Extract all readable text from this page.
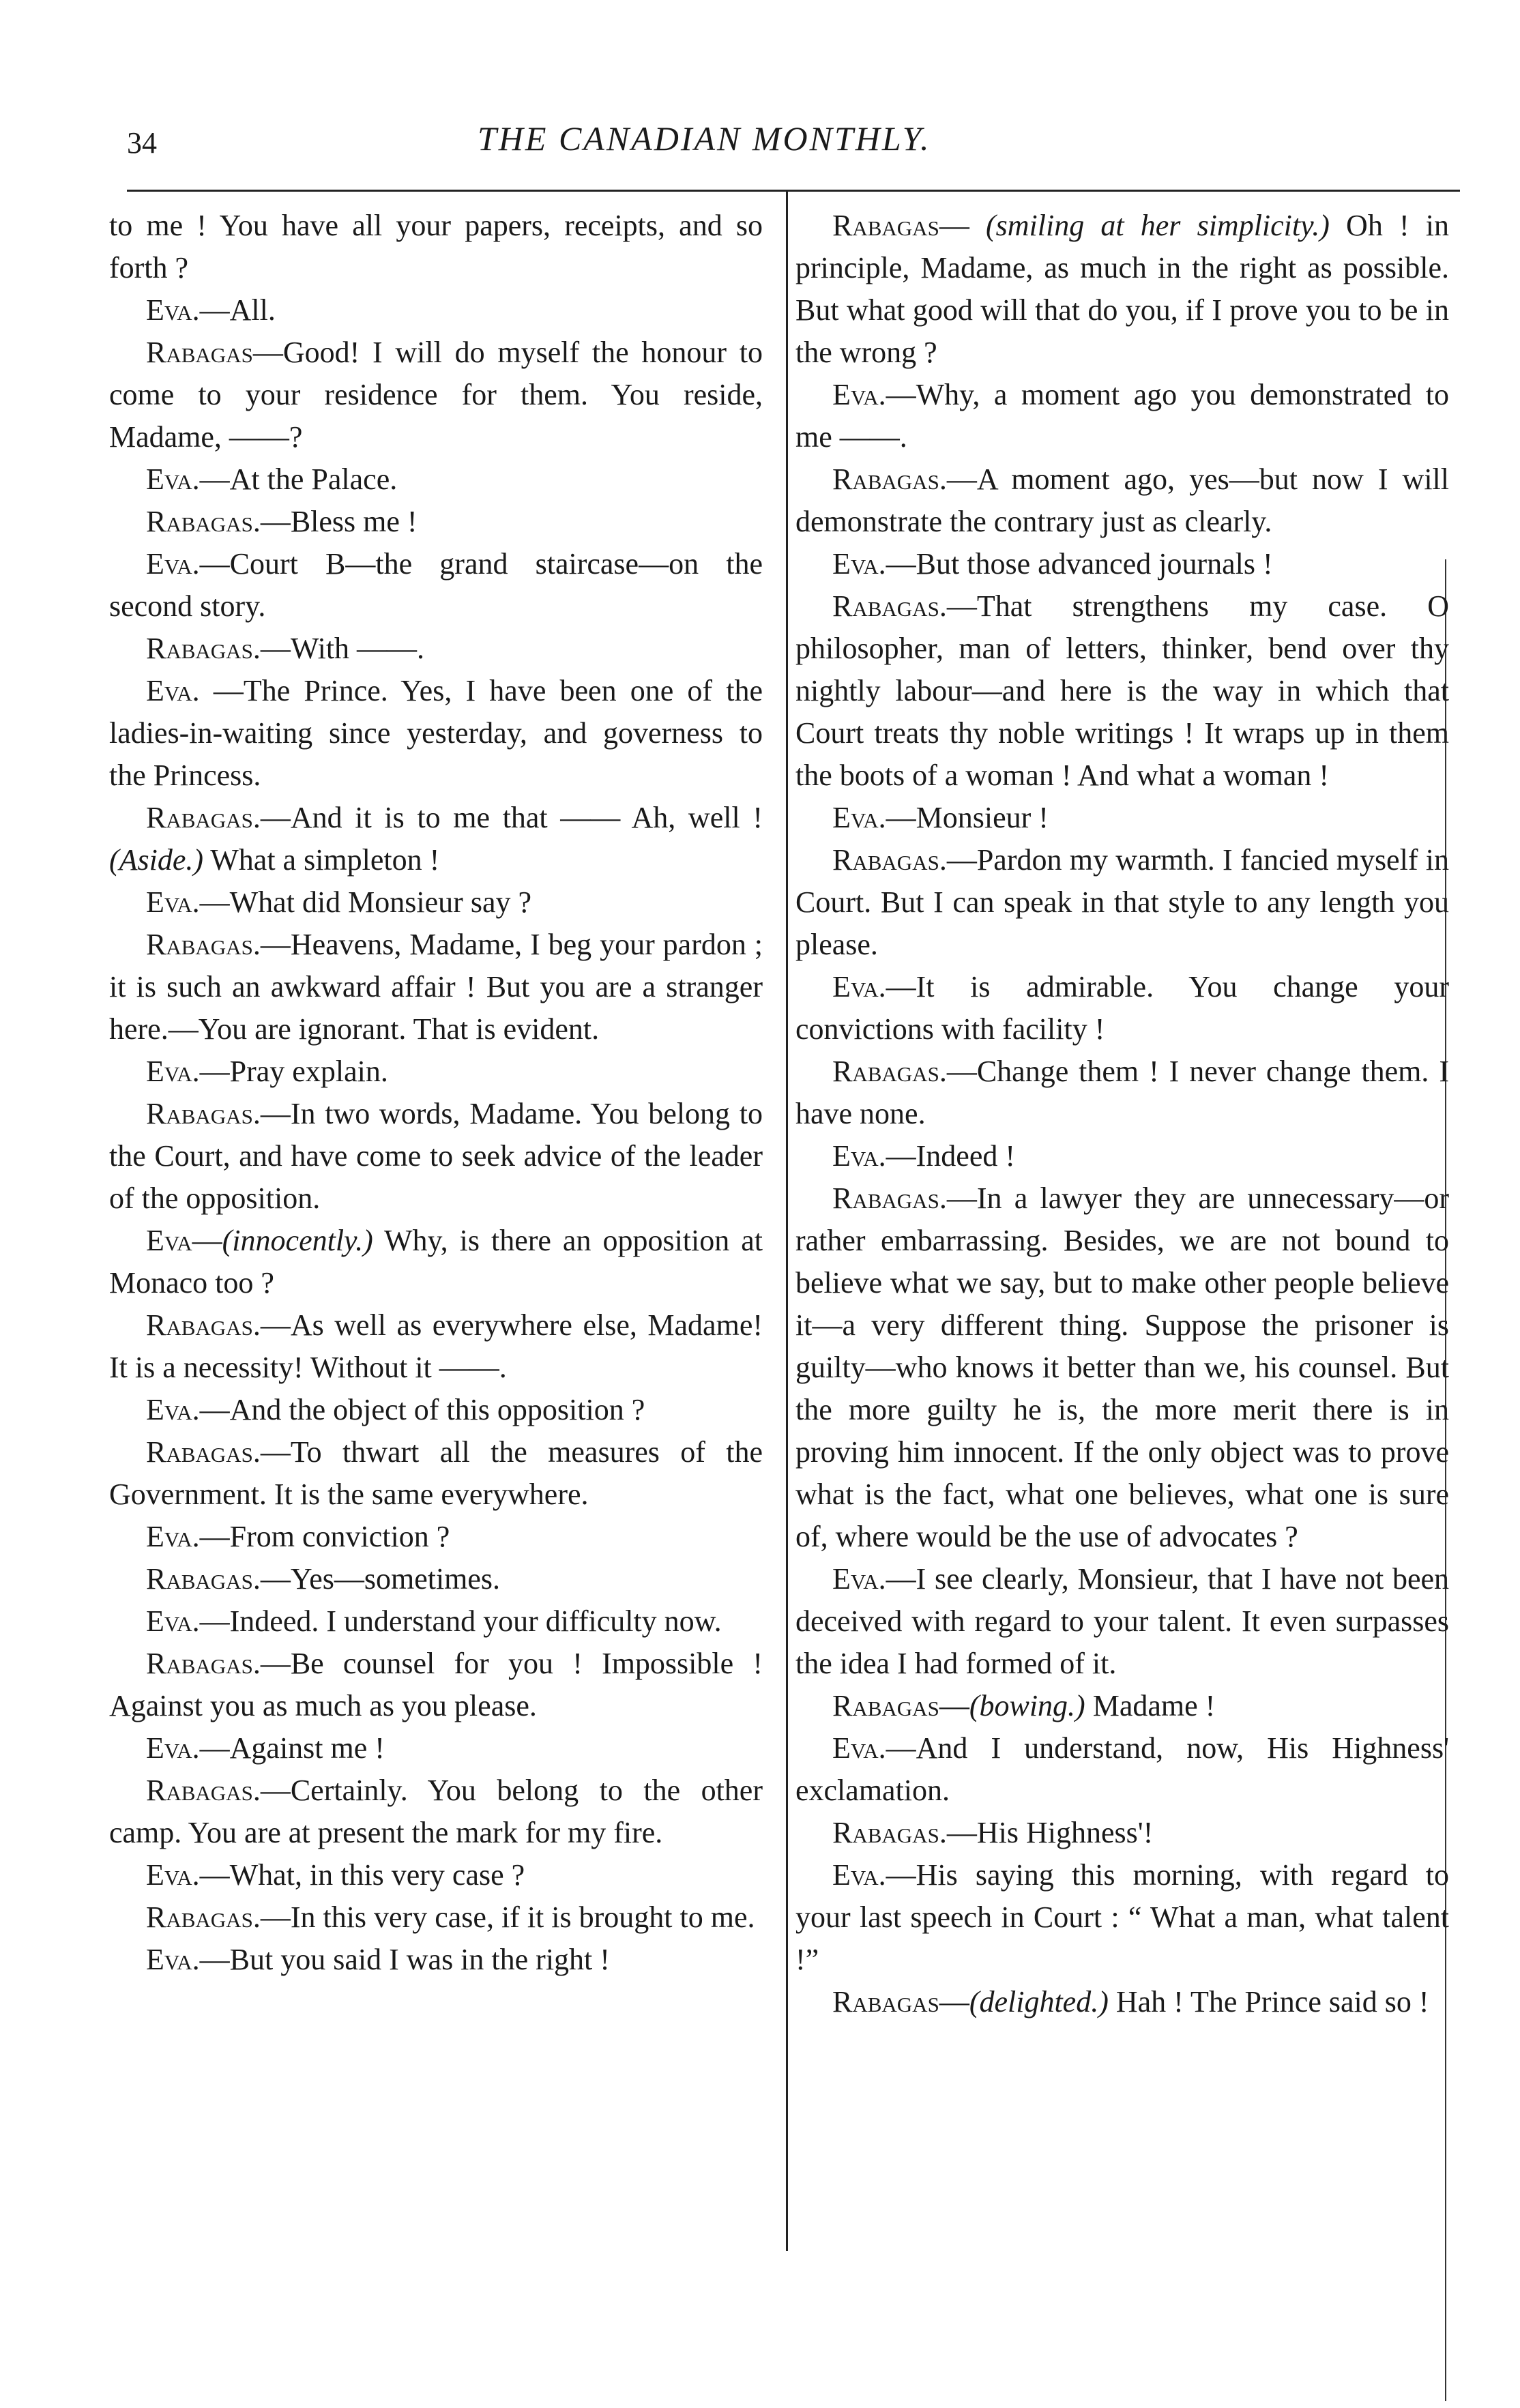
34	THE CANADIAN MONTHLY.

to me ! You have all your papers, receipts, and so forth ?

Eva.—All.

Rabagas—Good! I will do myself the honour to come to your residence for them. You reside, Madame, ——?

Eva.—At the Palace.

Rabagas.—Bless me !

Eva.—Court B—the grand staircase—on the second story.

Rabagas.—With ——.

Eva. —The Prince. Yes, I have been one of the ladies-in-waiting since yesterday, and governess to the Princess.

Rabagas.—And it is to me that —— Ah, well ! (Aside.) What a simpleton !

Eva.—What did Monsieur say ?

Rabagas.—Heavens, Madame, I beg your pardon ; it is such an awkward affair ! But you are a stranger here.—You are ignorant. That is evident.

Eva.—Pray explain.

Rabagas.—In two words, Madame. You belong to the Court, and have come to seek advice of the leader of the opposition.

Eva—(innocently.) Why, is there an opposition at Monaco too ?

Rabagas.—As well as everywhere else, Madame! It is a necessity! Without it ——.

Eva.—And the object of this opposition ?

Rabagas.—To thwart all the measures of the Government. It is the same everywhere.

Eva.—From conviction ?

Rabagas.—Yes—sometimes.

Eva.—Indeed. I understand your difficulty now.

Rabagas.—Be counsel for you ! Impossible ! Against you as much as you please.

Eva.—Against me !

Rabagas.—Certainly. You belong to the other camp. You are at present the mark for my fire.

Eva.—What, in this very case ?

Rabagas.—In this very case, if it is brought to me.

Eva.—But you said I was in the right !

Rabagas— (smiling at her simplicity.) Oh ! in principle, Madame, as much in the right as possible. But what good will that do you, if I prove you to be in the wrong ?

Eva.—Why, a moment ago you demonstrated to me ——.

Rabagas.—A moment ago, yes—but now I will demonstrate the contrary just as clearly.

Eva.—But those advanced journals !

Rabagas.—That strengthens my case. O philosopher, man of letters, thinker, bend over thy nightly labour—and here is the way in which that Court treats thy noble writings ! It wraps up in them the boots of a woman ! And what a woman !

Eva.—Monsieur !

Rabagas.—Pardon my warmth. I fancied myself in Court. But I can speak in that style to any length you please.

Eva.—It is admirable. You change your convictions with facility !

Rabagas.—Change them ! I never change them. I have none.

Eva.—Indeed !

Rabagas.—In a lawyer they are unnecessary—or rather embarrassing. Besides, we are not bound to believe what we say, but to make other people believe it—a very different thing. Suppose the prisoner is guilty—who knows it better than we, his counsel. But the more guilty he is, the more merit there is in proving him innocent. If the only object was to prove what is the fact, what one believes, what one is sure of, where would be the use of advocates ?

Eva.—I see clearly, Monsieur, that I have not been deceived with regard to your talent. It even surpasses the idea I had formed of it.

Rabagas—(bowing.) Madame !

Eva.—And I understand, now, His Highness' exclamation.

Rabagas.—His Highness'!

Eva.—His saying this morning, with regard to your last speech in Court : “ What a man, what talent !”

Rabagas—(delighted.) Hah ! The Prince said so !
